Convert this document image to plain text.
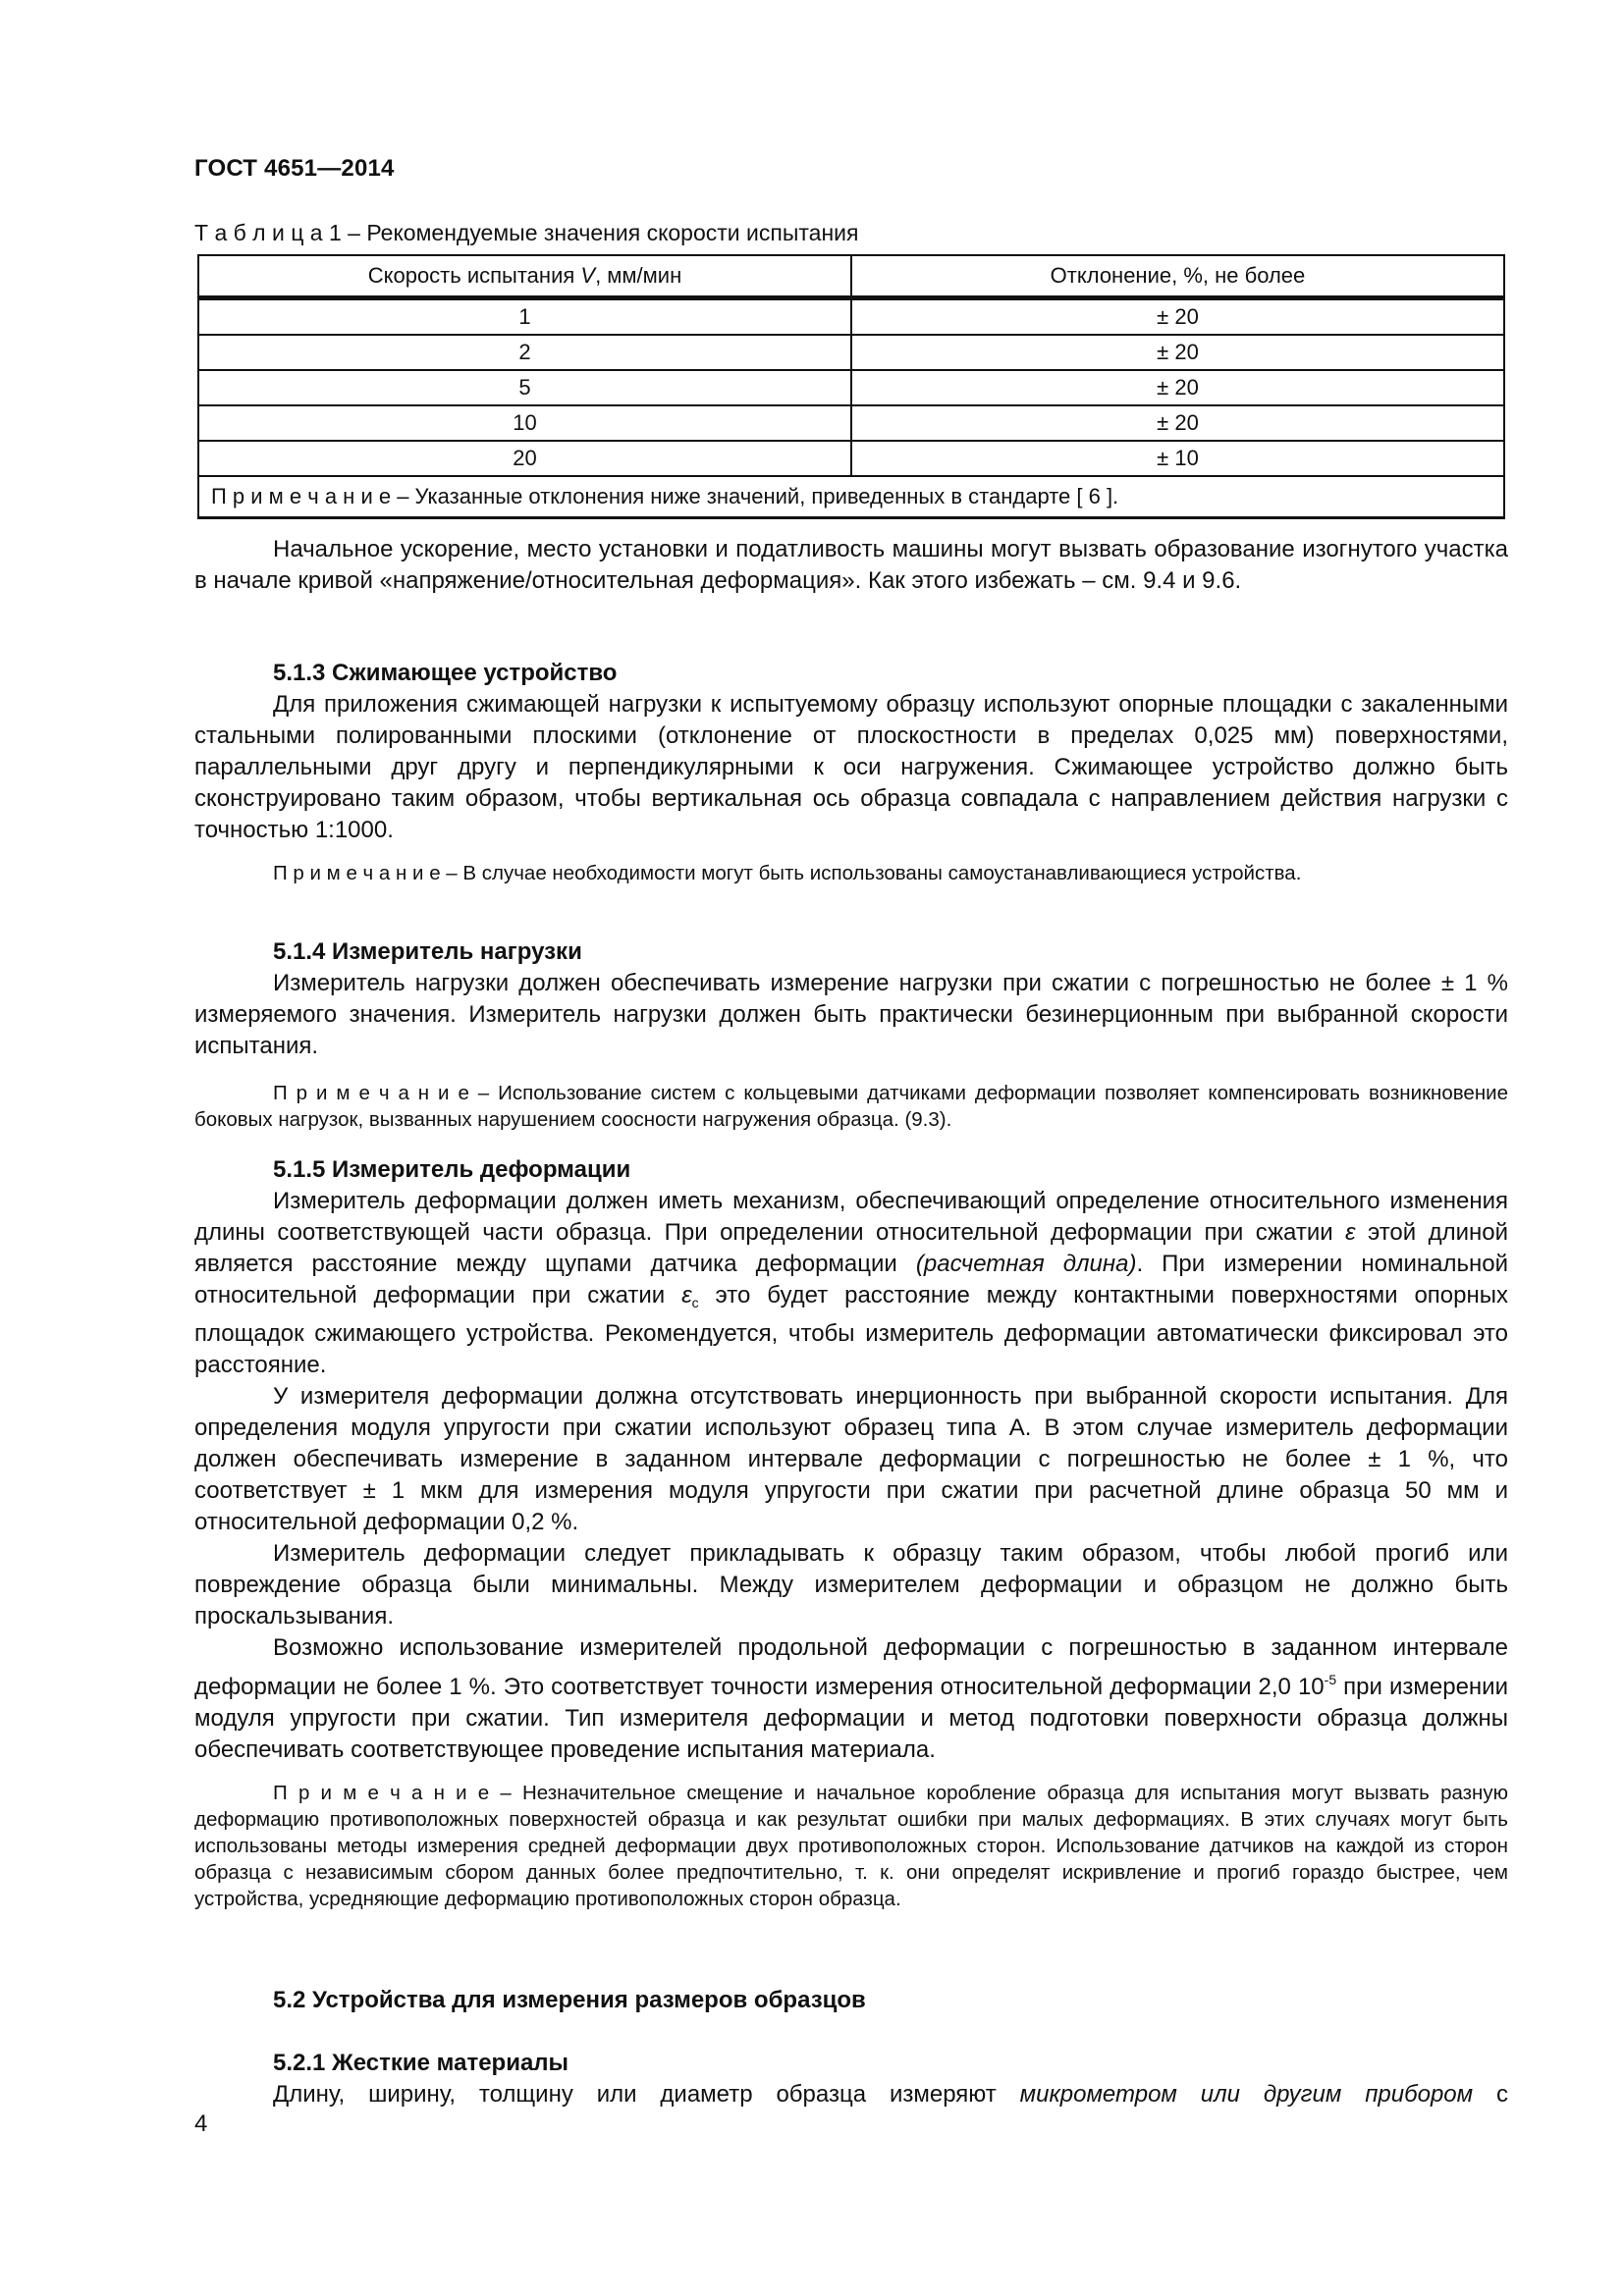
ГОСТ 4651—2014
Т а б л и ц а 1 – Рекомендуемые значения скорости испытания
Скорость испытания V, мм/мин	Отклонение, %, не более
1	± 20
2	± 20
5	± 20
10	± 20
20	± 10
П р и м е ч а н и е – Указанные отклонения ниже значений, приведенных в стандарте [ 6 ].	

Начальное ускорение, место установки и податливость машины могут вызвать образование изогнутого участка в начале кривой «напряжение/относительная деформация». Как этого избежать – см. 9.4 и 9.6.

5.1.3 Сжимающее устройство

Для приложения сжимающей нагрузки к испытуемому образцу используют опорные площадки с закаленными стальными полированными плоскими (отклонение от плоскостности в пределах 0,025 мм) поверхностями, параллельными друг другу и перпендикулярными к оси нагружения. Сжимающее устройство должно быть сконструировано таким образом, чтобы вертикальная ось образца совпадала с направлением действия нагрузки с точностью 1:1000.

П р и м е ч а н и е – В случае необходимости могут быть использованы самоустанавливающиеся устройства.

5.1.4 Измеритель нагрузки

Измеритель нагрузки должен обеспечивать измерение нагрузки при сжатии с погрешностью не более ± 1 % измеряемого значения. Измеритель нагрузки должен быть практически безинерционным при выбранной скорости испытания.

П р и м е ч а н и е – Использование систем с кольцевыми датчиками деформации позволяет компенсировать возникновение боковых нагрузок, вызванных нарушением соосности нагружения образца. (9.3).

5.1.5 Измеритель деформации

Измеритель деформации должен иметь механизм, обеспечивающий определение относительного изменения длины соответствующей части образца. При определении относительной деформации при сжатии ε этой длиной является расстояние между щупами датчика деформации (расчетная длина). При измерении номинальной относительной деформации при сжатии $\varepsilon_c$ это будет расстояние между контактными поверхностями опорных площадок сжимающего устройства. Рекомендуется, чтобы измеритель деформации автоматически фиксировал это расстояние.

У измерителя деформации должна отсутствовать инерционность при выбранной скорости испытания. Для определения модуля упругости при сжатии используют образец типа А. В этом случае измеритель деформации должен обеспечивать измерение в заданном интервале деформации с погрешностью не более ± 1 %, что соответствует ± 1 мкм для измерения модуля упругости при сжатии при расчетной длине образца 50 мм и относительной деформации 0,2 %.

Измеритель деформации следует прикладывать к образцу таким образом, чтобы любой прогиб или повреждение образца были минимальны. Между измерителем деформации и образцом не должно быть проскальзывания.

Возможно использование измерителей продольной деформации с погрешностью в заданном интервале деформации не более 1 %. Это соответствует точности измерения относительной деформации 2,0 $10^{-5}$ при измерении модуля упругости при сжатии. Тип измерителя деформации и метод подготовки поверхности образца должны обеспечивать соответствующее проведение испытания материала.

П р и м е ч а н и е – Незначительное смещение и начальное коробление образца для испытания могут вызвать разную деформацию противоположных поверхностей образца и как результат ошибки при малых деформациях. В этих случаях могут быть использованы методы измерения средней деформации двух противоположных сторон. Использование датчиков на каждой из сторон образца с независимым сбором данных более предпочтительно, т. к. они определят искривление и прогиб гораздо быстрее, чем устройства, усредняющие деформацию противоположных сторон образца.

5.2 Устройства для измерения размеров образцов
5.2.1 Жесткие материалы

Длину, ширину, толщину или диаметр образца измеряют микрометром или другим прибором с

4
